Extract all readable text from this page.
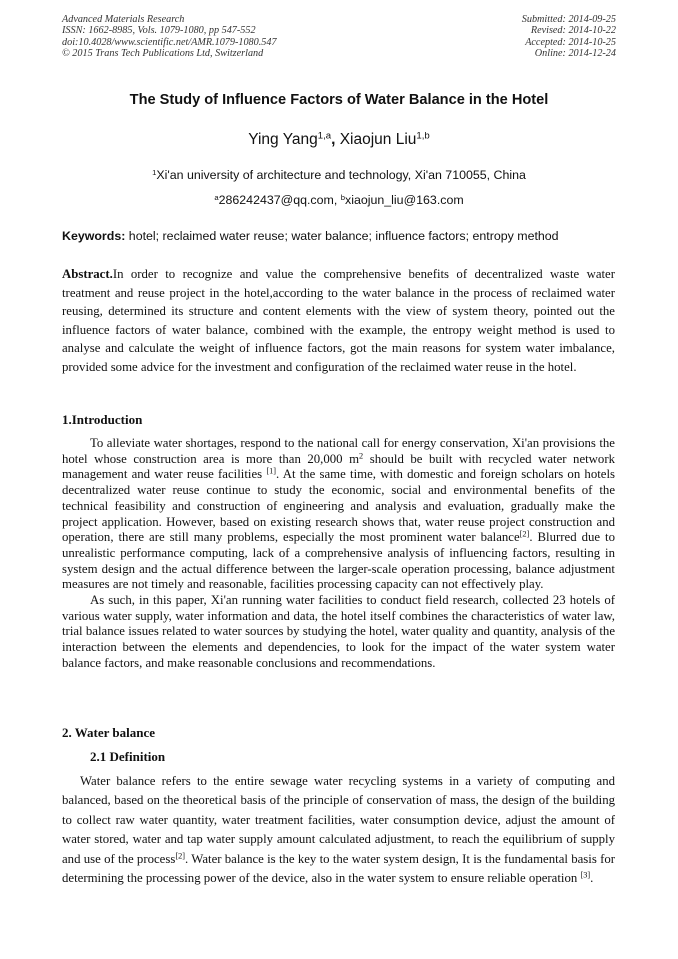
Advanced Materials Research
ISSN: 1662-8985, Vols. 1079-1080, pp 547-552
doi:10.4028/www.scientific.net/AMR.1079-1080.547
© 2015 Trans Tech Publications Ltd, Switzerland
Submitted: 2014-09-25
Revised: 2014-10-22
Accepted: 2014-10-25
Online: 2014-12-24
The Study of Influence Factors of Water Balance in the Hotel
Ying Yang$^{1,a}$, Xiaojun Liu$^{1,b}$
$^1$Xi'an university of architecture and technology, Xi'an 710055, China
$^a$286242437@qq.com, $^b$xiaojun_liu@163.com
Keywords: hotel; reclaimed water reuse; water balance; influence factors; entropy method
Abstract.In order to recognize and value the comprehensive benefits of decentralized waste water treatment and reuse project in the hotel,according to the water balance in the process of reclaimed water reusing, determined its structure and content elements with the view of system theory, pointed out the influence factors of water balance, combined with the example, the entropy weight method is used to analyse and calculate the weight of influence factors, got the main reasons for system water imbalance, provided some advice for the investment and configuration of the reclaimed water reuse in the hotel.
1.Introduction

To alleviate water shortages, respond to the national call for energy conservation, Xi'an provisions the hotel whose construction area is more than 20,000 m$^2$ should be built with recycled water network management and water reuse facilities [1]. At the same time, with domestic and foreign scholars on hotels decentralized water reuse continue to study the economic, social and environmental benefits of the technical feasibility and construction of engineering and analysis and evaluation, gradually make the project application. However, based on existing research shows that, water reuse project construction and operation, there are still many problems, especially the most prominent water balance[2]. Blurred due to unrealistic performance computing, lack of a comprehensive analysis of influencing factors, resulting in system design and the actual difference between the larger-scale operation processing, balance adjustment measures are not timely and reasonable, facilities processing capacity can not effectively play.

As such, in this paper, Xi'an running water facilities to conduct field research, collected 23 hotels of various water supply, water information and data, the hotel itself combines the characteristics of water law, trial balance issues related to water sources by studying the hotel, water quality and quantity, analysis of the interaction between the elements and dependencies, to look for the impact of the water system water balance factors, and make reasonable conclusions and recommendations.

2. Water balance
2.1 Definition

Water balance refers to the entire sewage water recycling systems in a variety of computing and balanced, based on the theoretical basis of the principle of conservation of mass, the design of the building to collect raw water quantity, water treatment facilities, water consumption device, adjust the amount of water stored, water and tap water supply amount calculated adjustment, to reach the equilibrium of supply and use of the process[2]. Water balance is the key to the water system design, It is the fundamental basis for determining the processing power of the device, also in the water system to ensure reliable operation [3].
